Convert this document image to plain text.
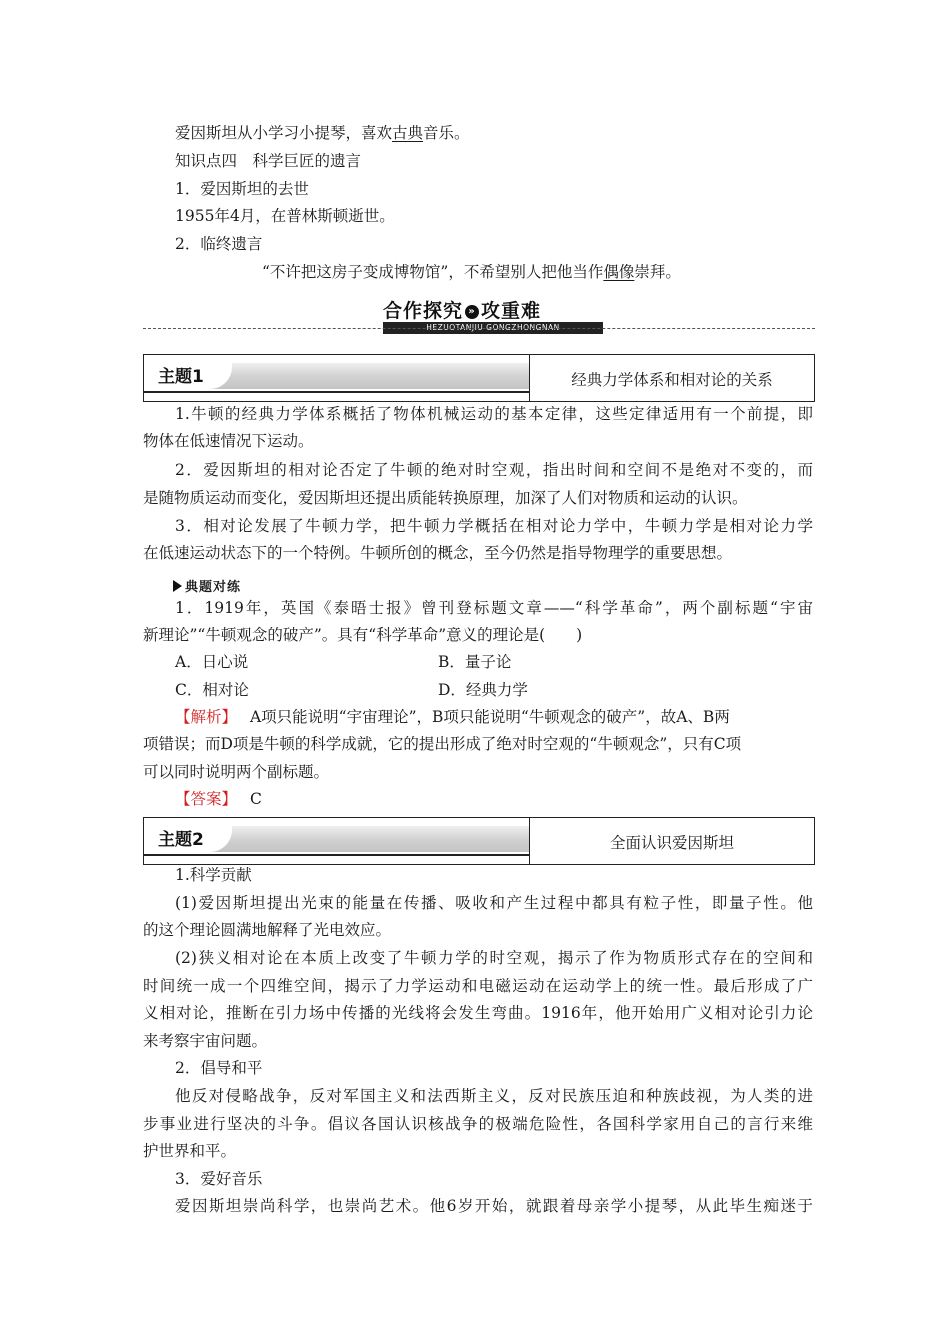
爱因斯坦从小学习小提琴，喜欢古典音乐。
知识点四　科学巨匠的遗言
1．爱因斯坦的去世
1955年4月，在普林斯顿逝世。
2．临终遗言
“不许把这房子变成博物馆”，不希望别人把他当作偶像崇拜。
合作探究 » 攻重难
HEZUOTANJIU GONGZHONGNAN
主题1	经典力学体系和相对论的关系
1.牛顿的经典力学体系概括了物体机械运动的基本定律，这些定律适用有一个前提，即
物体在低速情况下运动。
2．爱因斯坦的相对论否定了牛顿的绝对时空观，指出时间和空间不是绝对不变的，而
是随物质运动而变化，爱因斯坦还提出质能转换原理，加深了人们对物质和运动的认识。
3．相对论发展了牛顿力学，把牛顿力学概括在相对论力学中，牛顿力学是相对论力学
在低速运动状态下的一个特例。牛顿所创的概念，至今仍然是指导物理学的重要思想。
典题对练
1．1919年，英国《泰晤士报》曾刊登标题文章——“科学革命”，两个副标题“宇宙
新理论”“牛顿观念的破产”。具有“科学革命”意义的理论是(　　)
A．日心说	B．量子论
C．相对论	D．经典力学
【解析】 A项只能说明“宇宙理论”，B项只能说明“牛顿观念的破产”，故A、B两
项错误；而D项是牛顿的科学成就，它的提出形成了绝对时空观的“牛顿观念”，只有C项
可以同时说明两个副标题。
【答案】 C
主题2	全面认识爱因斯坦
1.科学贡献
(1)爱因斯坦提出光束的能量在传播、吸收和产生过程中都具有粒子性，即量子性。他
的这个理论圆满地解释了光电效应。
(2)狭义相对论在本质上改变了牛顿力学的时空观，揭示了作为物质形式存在的空间和
时间统一成一个四维空间，揭示了力学运动和电磁运动在运动学上的统一性。最后形成了广
义相对论，推断在引力场中传播的光线将会发生弯曲。1916年，他开始用广义相对论引力论
来考察宇宙问题。
2．倡导和平
他反对侵略战争，反对军国主义和法西斯主义，反对民族压迫和种族歧视，为人类的进
步事业进行坚决的斗争。倡议各国认识核战争的极端危险性，各国科学家用自己的言行来维
护世界和平。
3．爱好音乐
爱因斯坦崇尚科学，也崇尚艺术。他6岁开始，就跟着母亲学小提琴，从此毕生痴迷于
